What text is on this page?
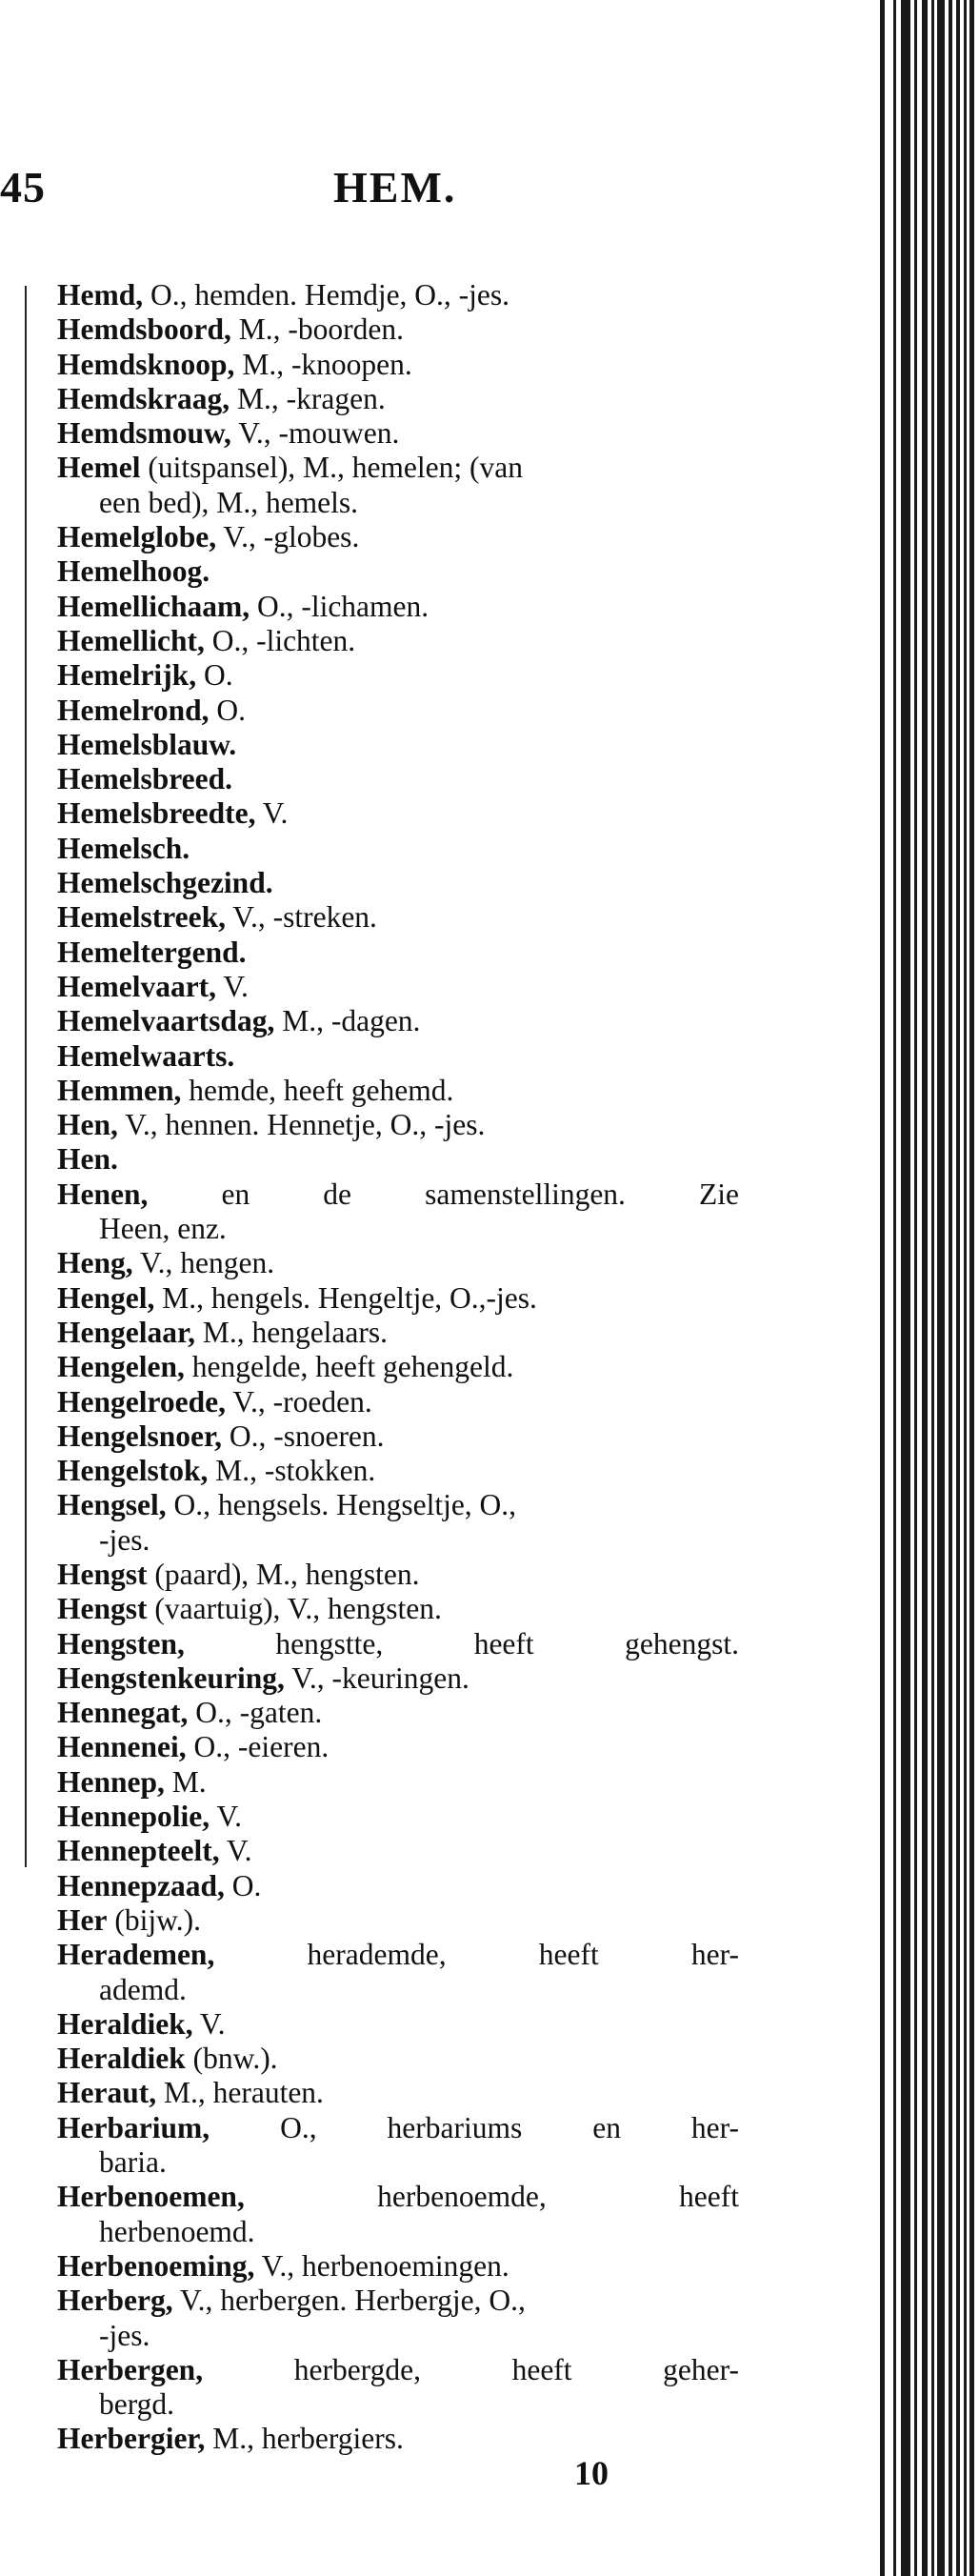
45	HEM.
Hemd, O., hemden. Hemdje, O., -jes.
Hemdsboord, M., -boorden.
Hemdsknoop, M., -knoopen.
Hemdskraag, M., -kragen.
Hemdsmouw, V., -mouwen.
Hemel (uitspansel), M., hemelen; (van
een bed), M., hemels.
Hemelglobe, V., -globes.
Hemelhoog.
Hemellichaam, O., -lichamen.
Hemellicht, O., -lichten.
Hemelrijk, O.
Hemelrond, O.
Hemelsblauw.
Hemelsbreed.
Hemelsbreedte, V.
Hemelsch.
Hemelschgezind.
Hemelstreek, V., -streken.
Hemeltergend.
Hemelvaart, V.
Hemelvaartsdag, M., -dagen.
Hemelwaarts.
Hemmen, hemde, heeft gehemd.
Hen, V., hennen. Hennetje, O., -jes.
Hen.
Henen, en de samenstellingen. Zie
Heen, enz.
Heng, V., hengen.
Hengel, M., hengels. Hengeltje, O.,-jes.
Hengelaar, M., hengelaars.
Hengelen, hengelde, heeft gehengeld.
Hengelroede, V., -roeden.
Hengelsnoer, O., -snoeren.
Hengelstok, M., -stokken.
Hengsel, O., hengsels. Hengseltje, O.,
-jes.
Hengst (paard), M., hengsten.
Hengst (vaartuig), V., hengsten.
Hengsten, hengstte, heeft gehengst.
Hengstenkeuring, V., -keuringen.
Hennegat, O., -gaten.
Hennenei, O., -eieren.
Hennep, M.
Hennepolie, V.
Hennepteelt, V.
Hennepzaad, O.
Her (bijw.).
Herademen, herademde, heeft her-
ademd.
Heraldiek, V.
Heraldiek (bnw.).
Heraut, M., herauten.
Herbarium, O., herbariums en her-
baria.
Herbenoemen, herbenoemde, heeft
herbenoemd.
Herbenoeming, V., herbenoemingen.
Herberg, V., herbergen. Herbergje, O.,
-jes.
Herbergen, herbergde, heeft geher-
bergd.
Herbergier, M., herbergiers.
10
